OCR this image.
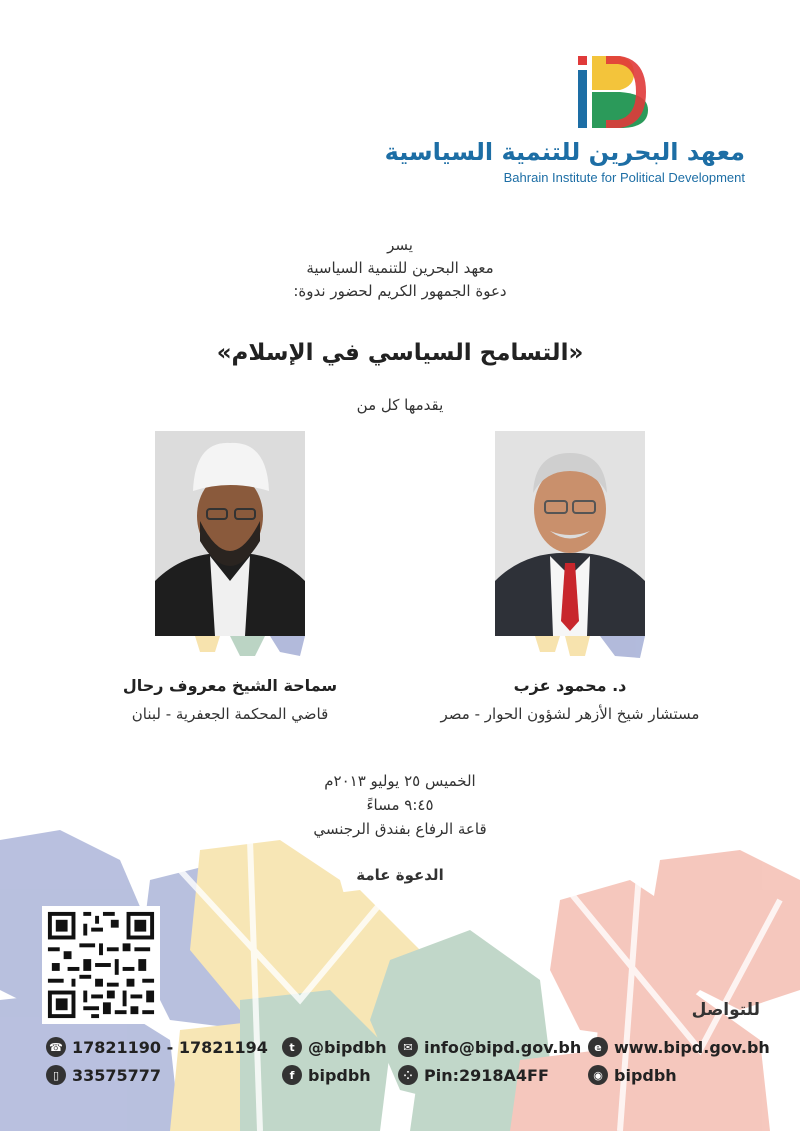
معهد البحرين للتنمية السياسية
Bahrain Institute for Political Development
يسر
معهد البحرين للتنمية السياسية
دعوة الجمهور الكريم لحضور ندوة:
«التسامح السياسي في الإسلام»
يقدمها كل من
سماحة الشيخ معروف رحال
قاضي المحكمة الجعفرية - لبنان
د. محمود عزب
مستشار شيخ الأزهر لشؤون الحوار - مصر
الخميس ٢٥ يوليو ٢٠١٣م
٩:٤٥ مساءً
قاعة الرفاع بفندق الرجنسي
الدعوة عامة
للتواصل
☎ 17821190 - 17821194
▯ 33575777
t @bipdbh
f bipdbh
✉ info@bipd.gov.bh
⁘ Pin:2918A4FF
e www.bipd.gov.bh
◉ bipdbh
